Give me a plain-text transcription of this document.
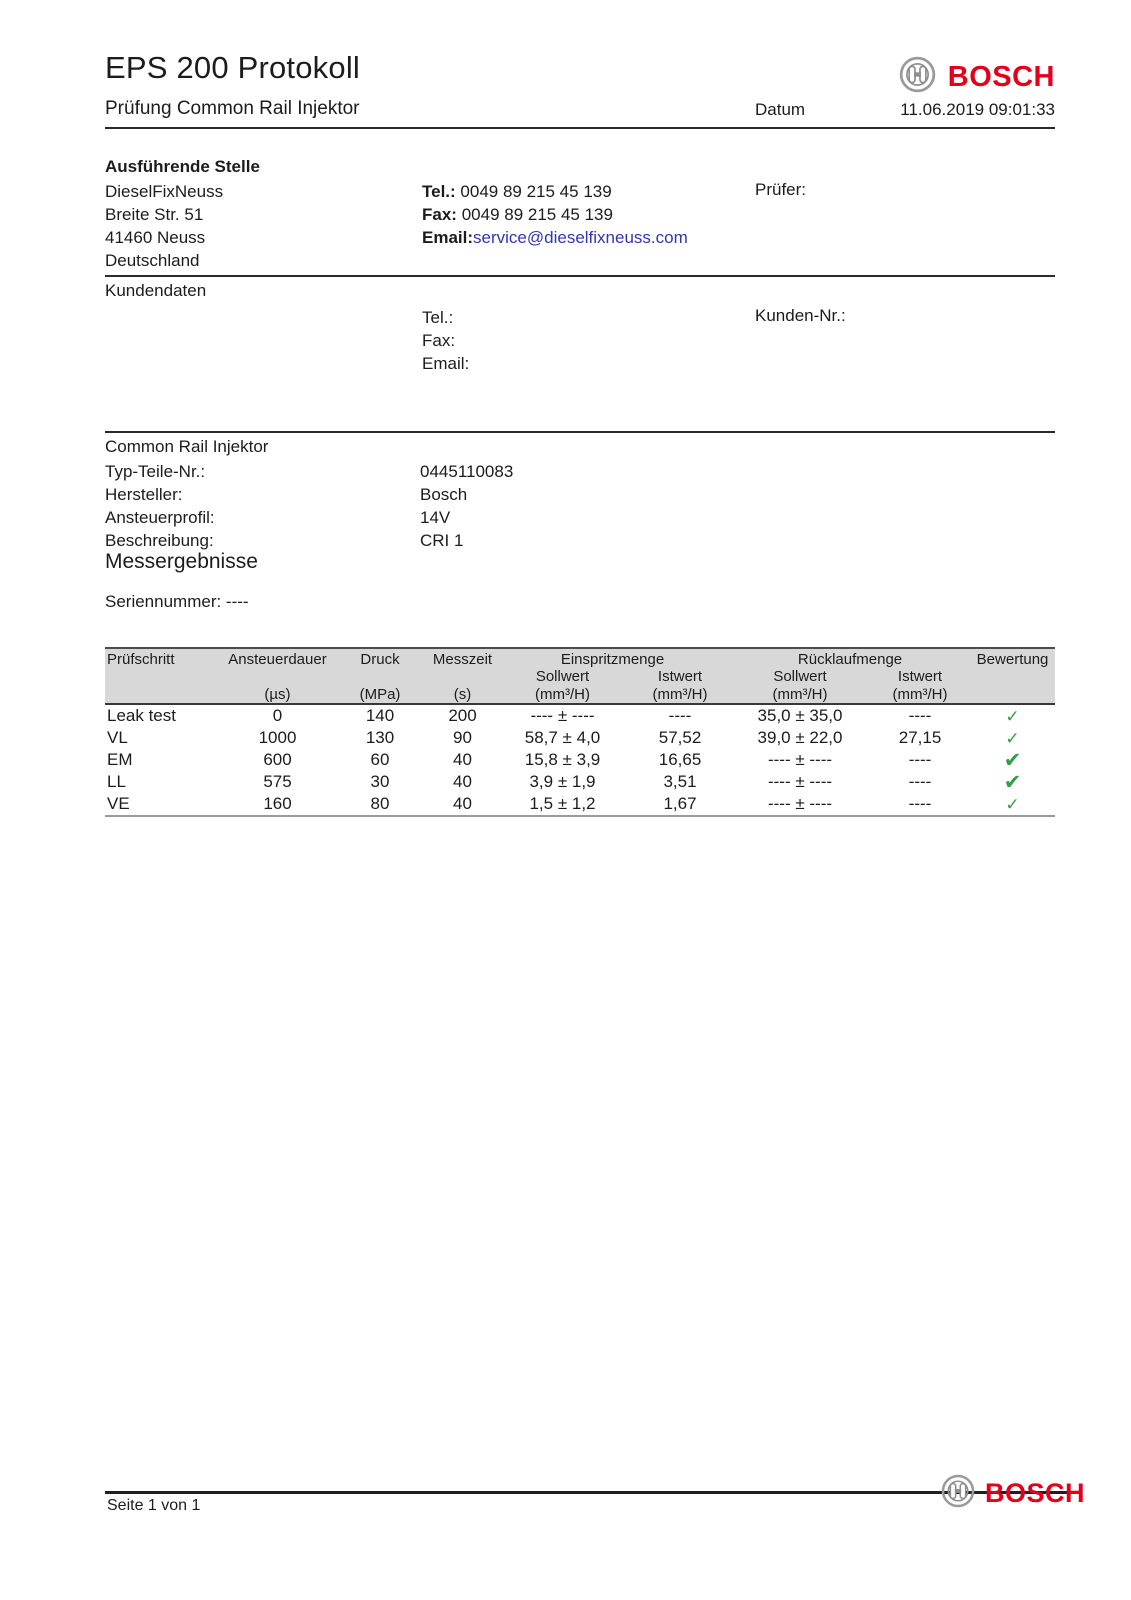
BOSCH
EPS 200 Protokoll
Prüfung Common Rail Injektor	Datum	11.06.2019 09:01:33
Ausführende Stelle
DieselFixNeuss
Breite Str. 51
41460 Neuss
Deutschland
Tel.: 0049 89 215 45 139
Fax: 0049 89 215 45 139
Email:service@dieselfixneuss.com
Prüfer:
Kundendaten
Tel.:
Fax:
Email:
Kunden-Nr.:
Common Rail Injektor
Typ-Teile-Nr.:	0445110083
Hersteller:	Bosch
Ansteuerprofil:	14V
Beschreibung:	CRI 1
Messergebnisse
Seriennummer: ----
Prüfschritt	Ansteuerdauer	Druck	Messzeit	Einspritzmenge		Rücklaufmenge		Bewertung
				Sollwert	Istwert	Sollwert	Istwert	
	(µs)	(MPa)	(s)	(mm³/H)	(mm³/H)	(mm³/H)	(mm³/H)	
Leak test	0	140	200	---- ± ----	----	35,0 ± 35,0	----	✓
VL	1000	130	90	58,7 ± 4,0	57,52	39,0 ± 22,0	27,15	✓
EM	600	60	40	15,8 ± 3,9	16,65	---- ± ----	----	✔
LL	575	30	40	3,9 ± 1,9	3,51	---- ± ----	----	✔
VE	160	80	40	1,5 ± 1,2	1,67	---- ± ----	----	✓
Seite 1 von 1	BOSCH
